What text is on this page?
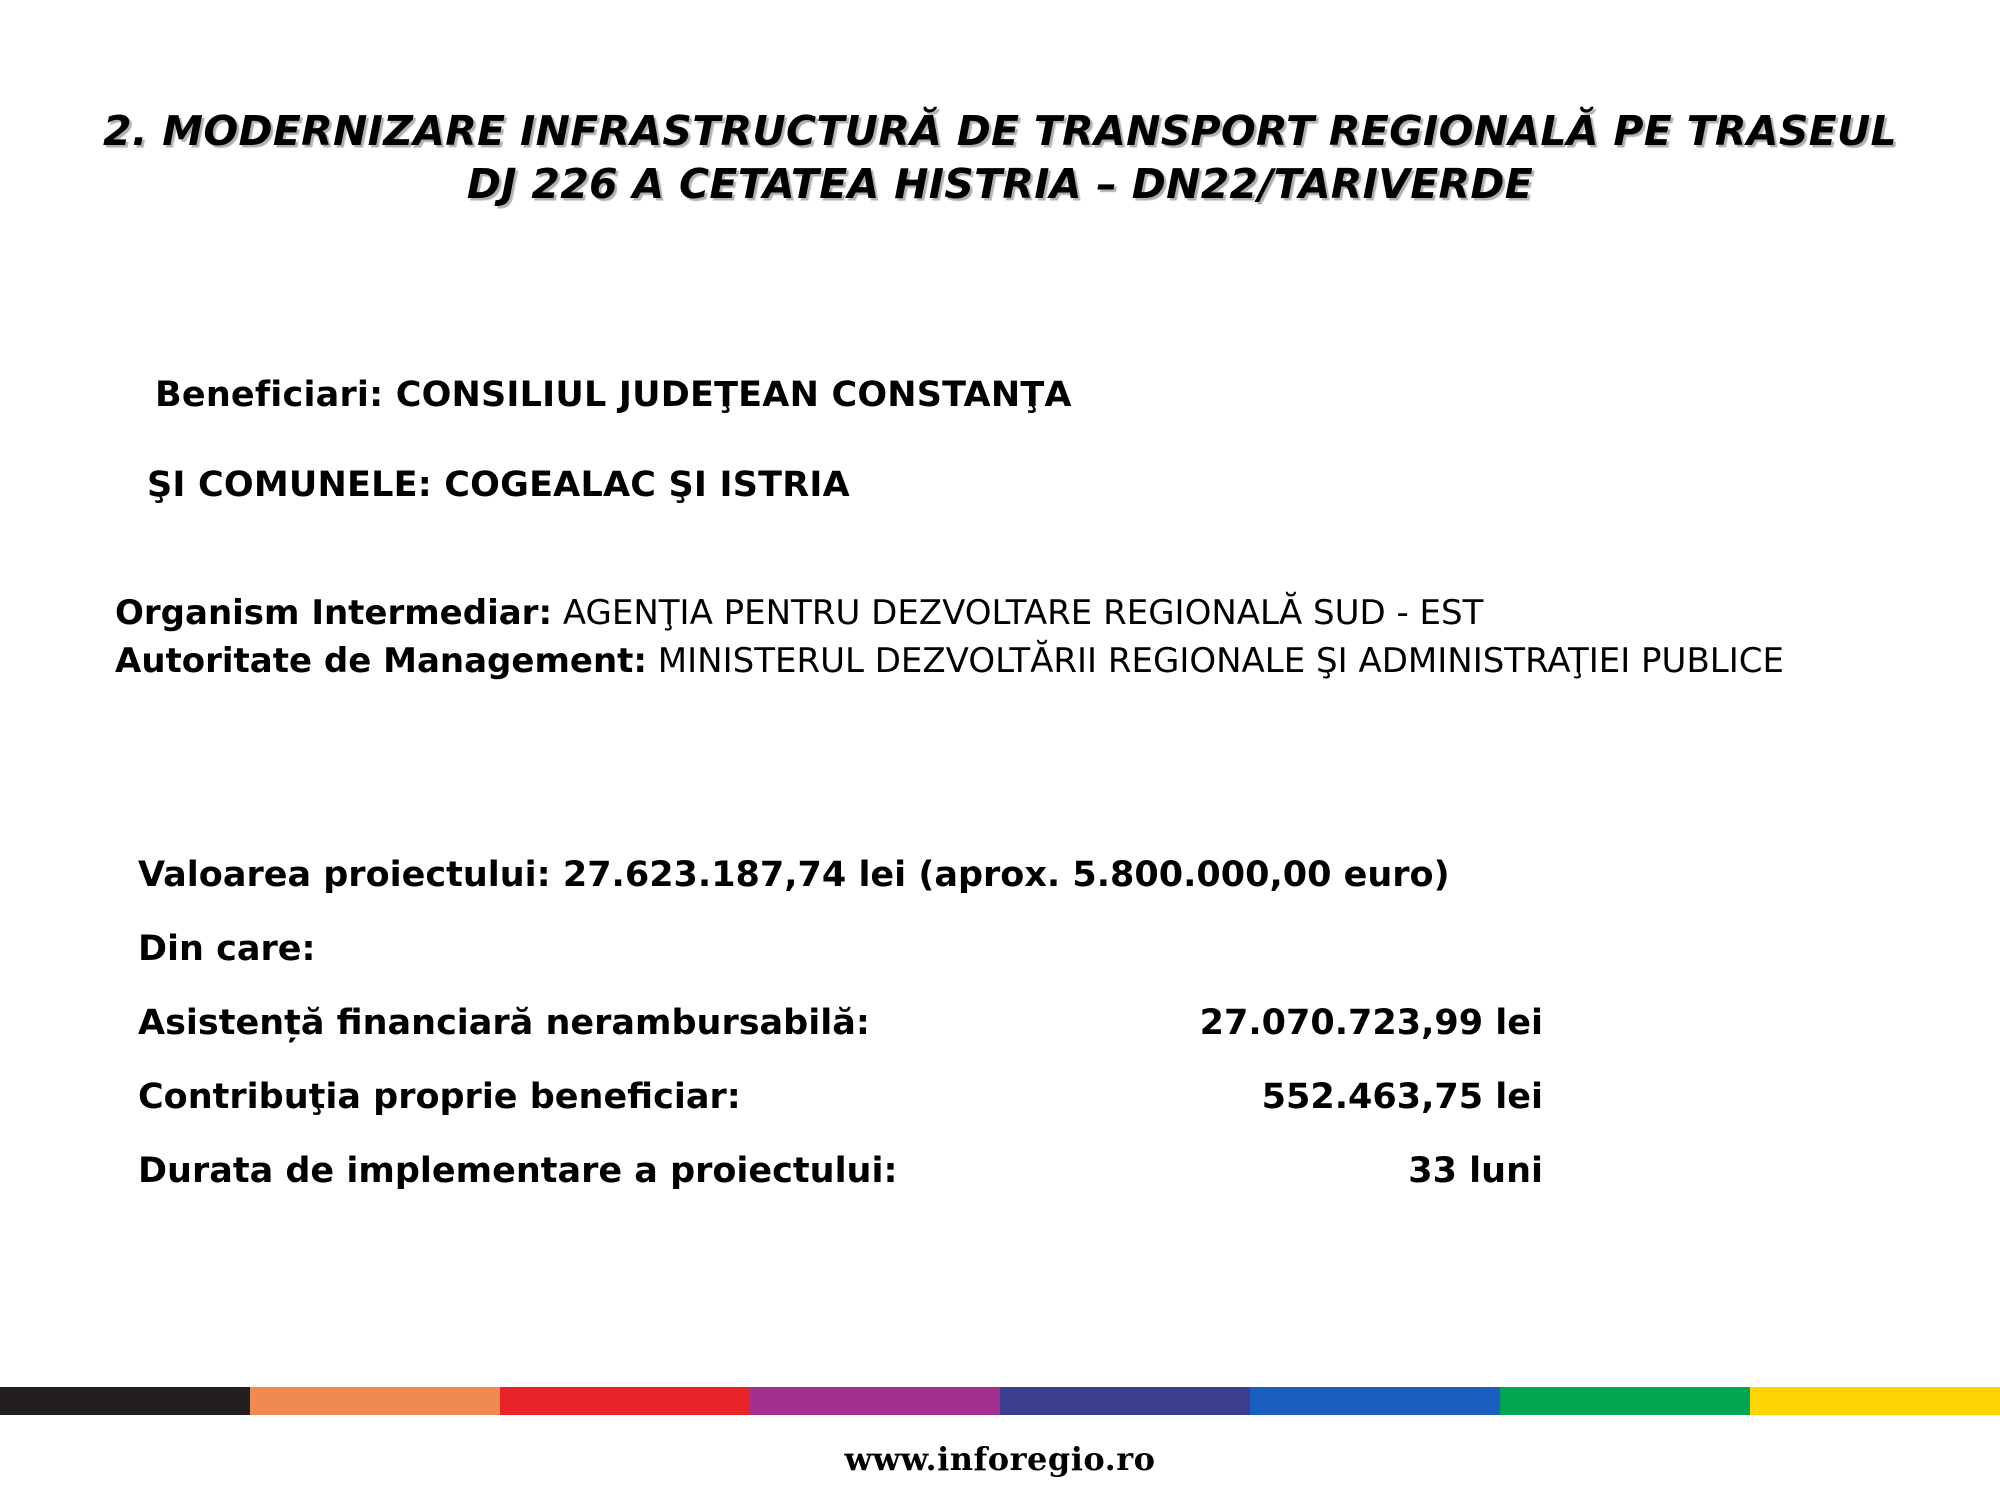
2. MODERNIZARE INFRASTRUCTURĂ DE TRANSPORT REGIONALĂ PE TRASEUL
DJ 226 A CETATEA HISTRIA – DN22/TARIVERDE
Beneficiari: CONSILIUL JUDEŢEAN CONSTANŢA
ŞI COMUNELE: COGEALAC ŞI ISTRIA
Organism Intermediar: AGENŢIA PENTRU DEZVOLTARE REGIONALĂ SUD - EST
Autoritate de Management: MINISTERUL DEZVOLTĂRII REGIONALE ŞI ADMINISTRAŢIEI PUBLICE
Valoarea proiectului: 27.623.187,74 lei (aprox. 5.800.000,00 euro)
Din care:
Asistență financiară nerambursabilă:	27.070.723,99 lei
Contribuţia proprie beneficiar:	552.463,75 lei
Durata de implementare a proiectului:	33 luni
www.inforegio.ro
